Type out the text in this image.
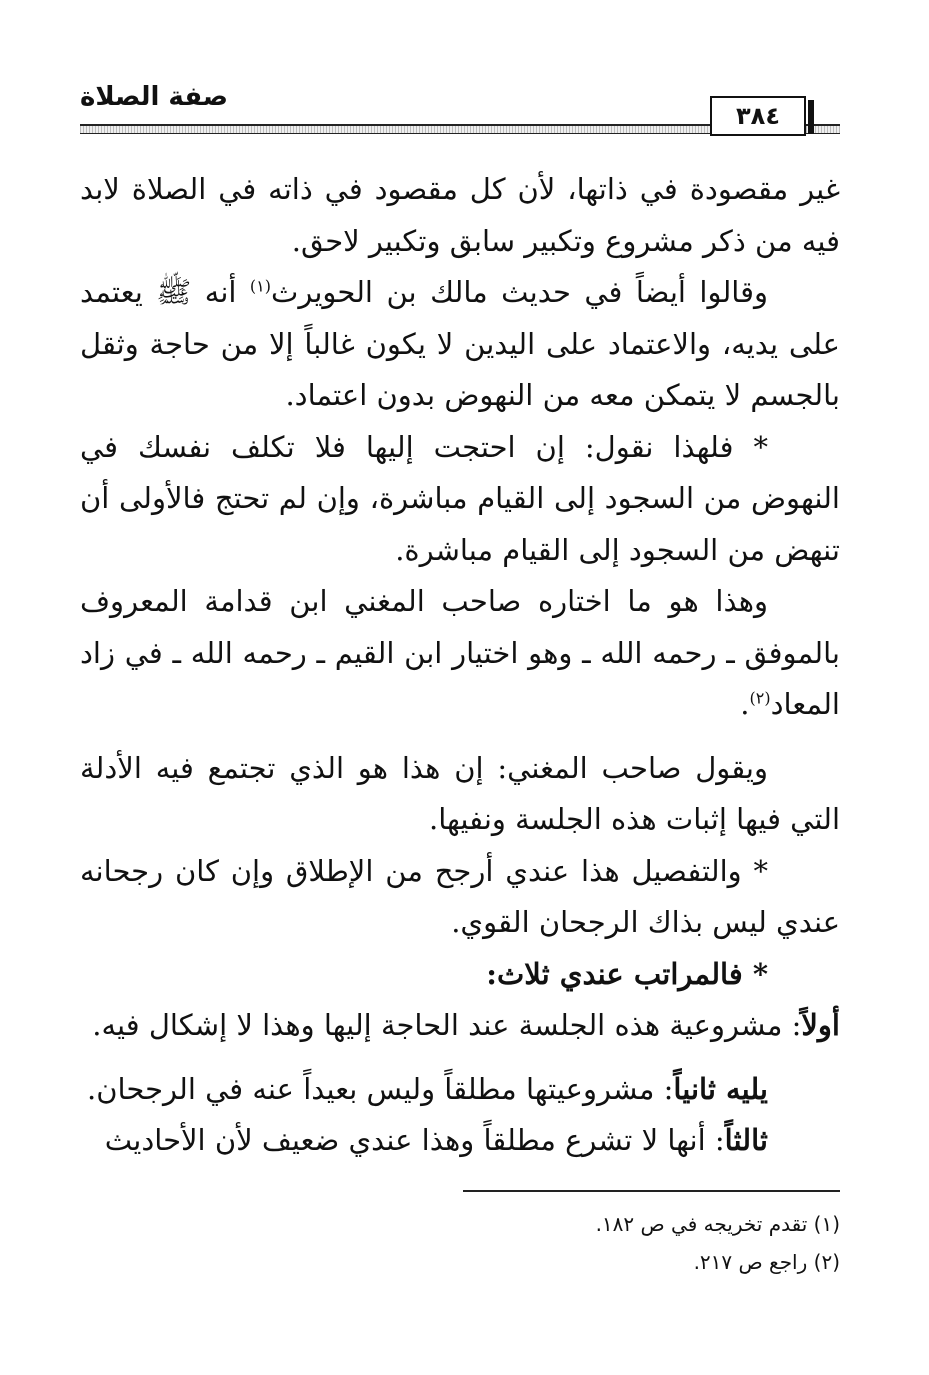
صفة الصلاة
٣٨٤

غير مقصودة في ذاتها، لأن كل مقصود في ذاته في الصلاة لابد فيه من ذكر مشروع وتكبير سابق وتكبير لاحق.

وقالوا أيضاً في حديث مالك بن الحويرث$^{(١)}$ أنه ﷺ يعتمد على يديه، والاعتماد على اليدين لا يكون غالباً إلا من حاجة وثقل بالجسم لا يتمكن معه من النهوض بدون اعتماد.

* فلهذا نقول: إن احتجت إليها فلا تكلف نفسك في النهوض من السجود إلى القيام مباشرة، وإن لم تحتج فالأولى أن تنهض من السجود إلى القيام مباشرة.

وهذا هو ما اختاره صاحب المغني ابن قدامة المعروف بالموفق ـ رحمه الله ـ وهو اختيار ابن القيم ـ رحمه الله ـ في زاد المعاد$^{(٢)}$.

ويقول صاحب المغني: إن هذا هو الذي تجتمع فيه الأدلة التي فيها إثبات هذه الجلسة ونفيها.

* والتفصيل هذا عندي أرجح من الإطلاق وإن كان رجحانه عندي ليس بذاك الرجحان القوي.

* فالمراتب عندي ثلاث:

أولاً: مشروعية هذه الجلسة عند الحاجة إليها وهذا لا إشكال فيه.

يليه ثانياً: مشروعيتها مطلقاً وليس بعيداً عنه في الرجحان.

ثالثاً: أنها لا تشرع مطلقاً وهذا عندي ضعيف لأن الأحاديث

(١) تقدم تخريجه في ص ١٨٢.

(٢) راجع ص ٢١٧.
